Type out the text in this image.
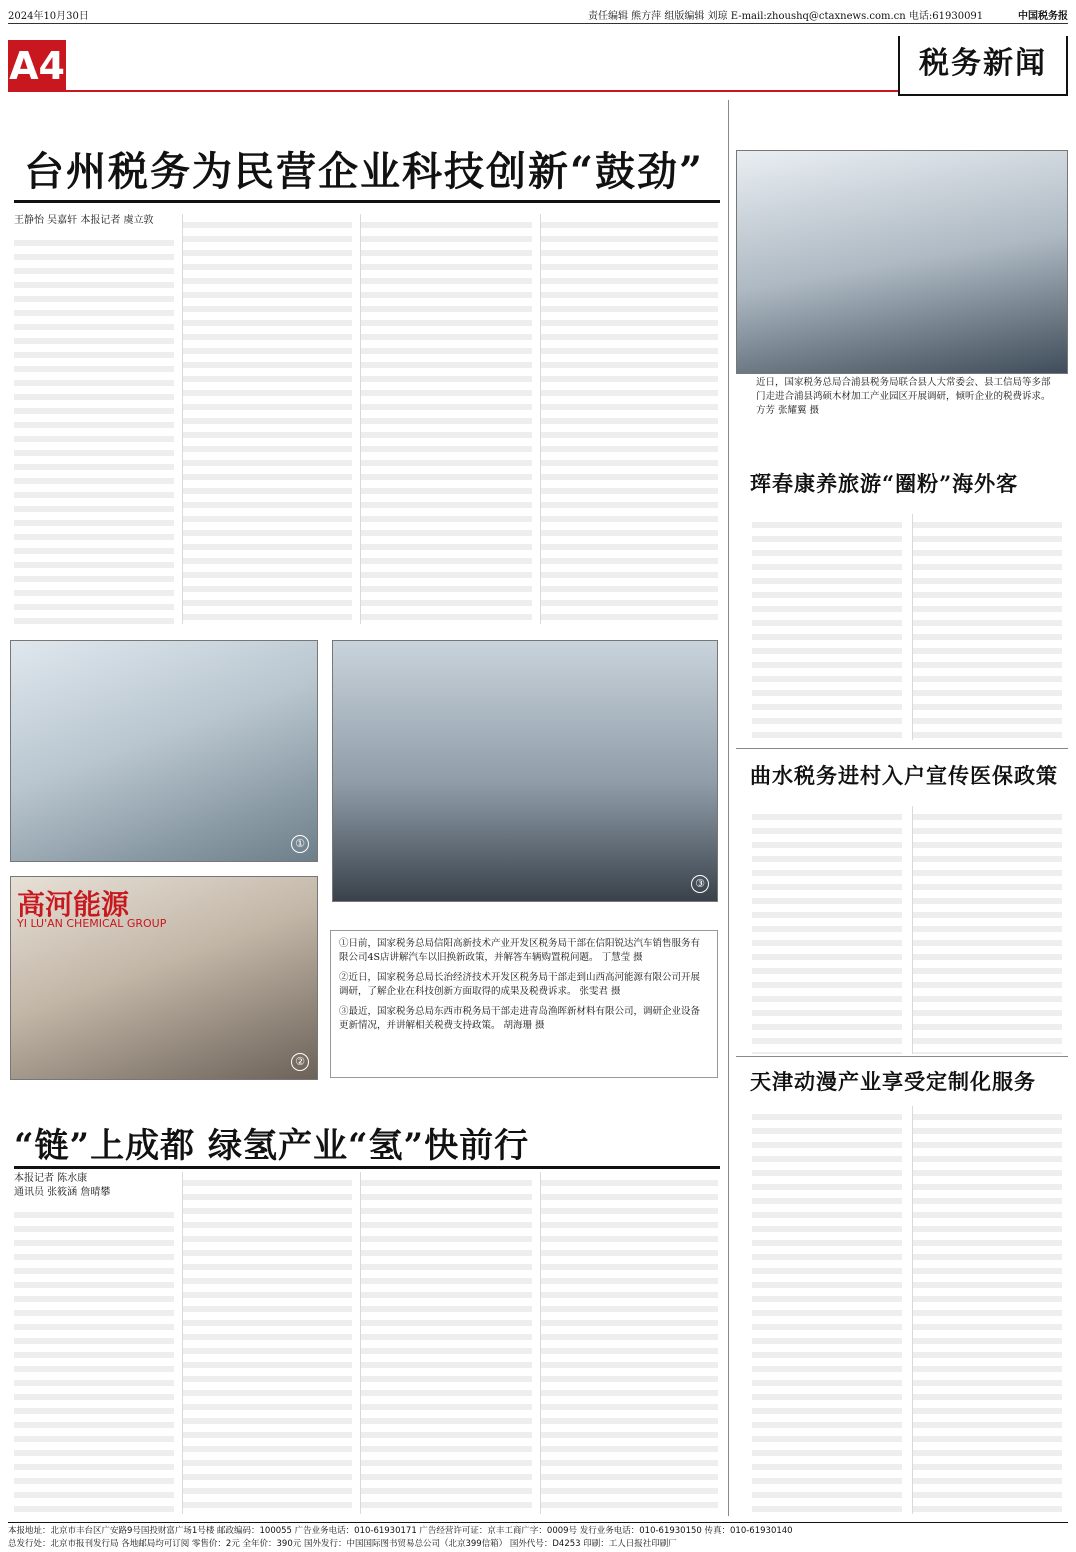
2024年10月30日	责任编辑 熊方萍 组版编辑 刘琼 E-mail:zhoushq@ctaxnews.com.cn 电话:61930091	中国税务报
A4	税务新闻
台州税务为民营企业科技创新“鼓劲”
王静怡 吴嘉轩 本报记者 虞立敦
近日，国家税务总局合浦县税务局联合县人大常委会、县工信局等多部门走进合浦县鸿硕木材加工产业园区开展调研，倾听企业的税费诉求。 方芳 张耀翼 摄
①
③
高河能源
YI LU'AN CHEMICAL GROUP
②

①日前，国家税务总局信阳高新技术产业开发区税务局干部在信阳锐达汽车销售服务有限公司4S店讲解汽车以旧换新政策，并解答车辆购置税问题。 丁慧莹 摄

②近日，国家税务总局长治经济技术开发区税务局干部走到山西高河能源有限公司开展调研，了解企业在科技创新方面取得的成果及税费诉求。 张雯君 摄

③最近，国家税务总局东西市税务局干部走进青岛渔晖新材料有限公司，调研企业设备更新情况，并讲解相关税费支持政策。 胡海珊 摄

“链”上成都 绿氢产业“氢”快前行
本报记者 陈水康
通讯员 张筱涵 詹晴攀
珲春康养旅游“圈粉”海外客
曲水税务进村入户宣传医保政策
天津动漫产业享受定制化服务
本报地址：北京市丰台区广安路9号国投财富广场1号楼 邮政编码：100055 广告业务电话：010-61930171 广告经营许可证：京丰工商广字：0009号 发行业务电话：010-61930150 传真：010-61930140
总发行处：北京市报刊发行局 各地邮局均可订阅 零售价：2元 全年价：390元 国外发行：中国国际图书贸易总公司（北京399信箱） 国外代号：D4253 印刷：工人日报社印刷厂
